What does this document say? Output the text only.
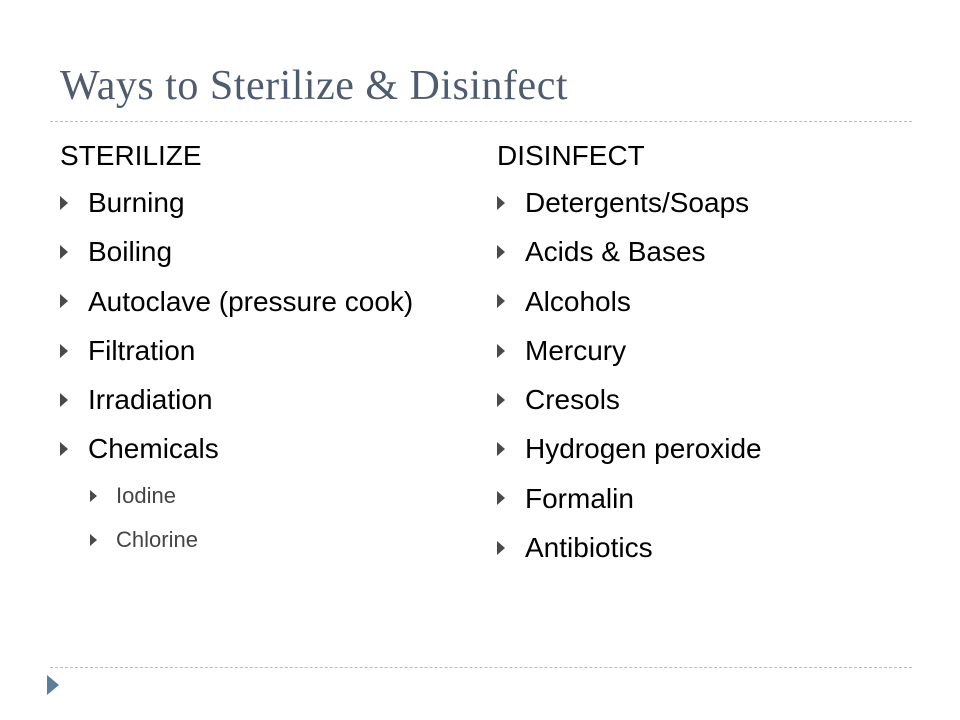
Ways to Sterilize & Disinfect
STERILIZE
Burning
Boiling
Autoclave (pressure cook)
Filtration
Irradiation
Chemicals
Iodine
Chlorine
DISINFECT
Detergents/Soaps
Acids & Bases
Alcohols
Mercury
Cresols
Hydrogen peroxide
Formalin
Antibiotics
